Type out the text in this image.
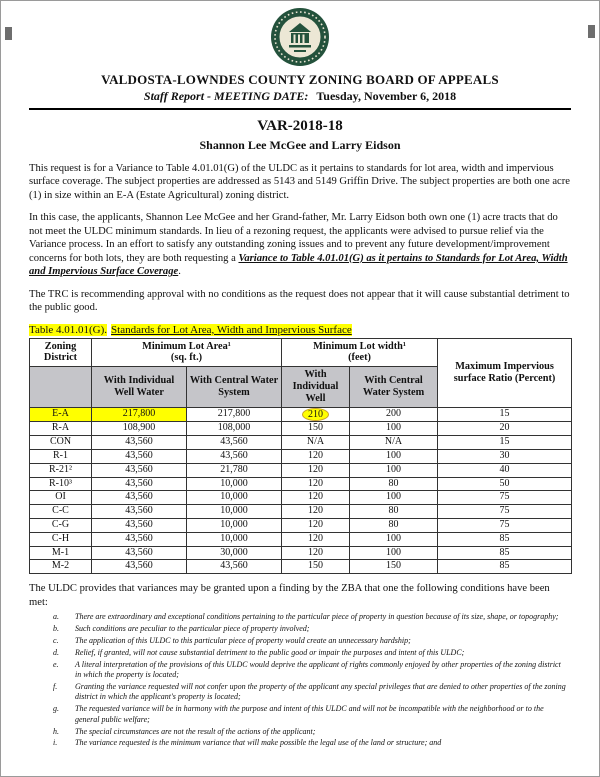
VALDOSTA-LOWNDES COUNTY ZONING BOARD OF APPEALS
Staff Report - MEETING DATE: Tuesday, November 6, 2018
VAR-2018-18
Shannon Lee McGee and Larry Eidson

This request is for a Variance to Table 4.01.01(G) of the ULDC as it pertains to standards for lot area, width and impervious surface coverage. The subject properties are addressed as 5143 and 5149 Griffin Drive. The subject properties are both one acre (1) in size within an E-A (Estate Agricultural) zoning district.

In this case, the applicants, Shannon Lee McGee and her Grand-father, Mr. Larry Eidson both own one (1) acre tracts that do not meet the ULDC minimum standards. In lieu of a rezoning request, the applicants were advised to pursue relief via the Variance process. In an effort to satisfy any outstanding zoning issues and to prevent any future development/improvement concerns for both lots, they are both requesting a Variance to Table 4.01.01(G) as it pertains to Standards for Lot Area, Width and Impervious Surface Coverage.

The TRC is recommending approval with no conditions as the request does not appear that it will cause substantial detriment to the public good.

Table 4.01.01(G). Standards for Lot Area, Width and Impervious Surface
Zoning District	Minimum Lot Area¹
(sq. ft.)		Minimum Lot width¹
(feet)		Maximum Impervious surface Ratio (Percent)
	With Individual Well Water	With Central Water System	With Individual Well	With Central Water System	
E-A	217,800	217,800	210	200	15
R-A	108,900	108,000	150	100	20
CON	43,560	43,560	N/A	N/A	15
R-1	43,560	43,560	120	100	30
R-21²	43,560	21,780	120	100	40
R-10³	43,560	10,000	120	80	50
OI	43,560	10,000	120	100	75
C-C	43,560	10,000	120	80	75
C-G	43,560	10,000	120	80	75
C-H	43,560	10,000	120	100	85
M-1	43,560	30,000	120	100	85
M-2	43,560	43,560	150	150	85

The ULDC provides that variances may be granted upon a finding by the ZBA that one the following conditions have been met:

a.	There are extraordinary and exceptional conditions pertaining to the particular piece of property in question because of its size, shape, or topography;
b.	Such conditions are peculiar to the particular piece of property involved;
c.	The application of this ULDC to this particular piece of property would create an unnecessary hardship;
d.	Relief, if granted, will not cause substantial detriment to the public good or impair the purposes and intent of this ULDC;
e.	A literal interpretation of the provisions of this ULDC would deprive the applicant of rights commonly enjoyed by other properties of the zoning district in which the property is located;
f.	Granting the variance requested will not confer upon the property of the applicant any special privileges that are denied to other properties of the zoning district in which the applicant's property is located;
g.	The requested variance will be in harmony with the purpose and intent of this ULDC and will not be incompatible with the neighborhood or to the general public welfare;
h.	The special circumstances are not the result of the actions of the applicant;
i.	The variance requested is the minimum variance that will make possible the legal use of the land or structure; and
